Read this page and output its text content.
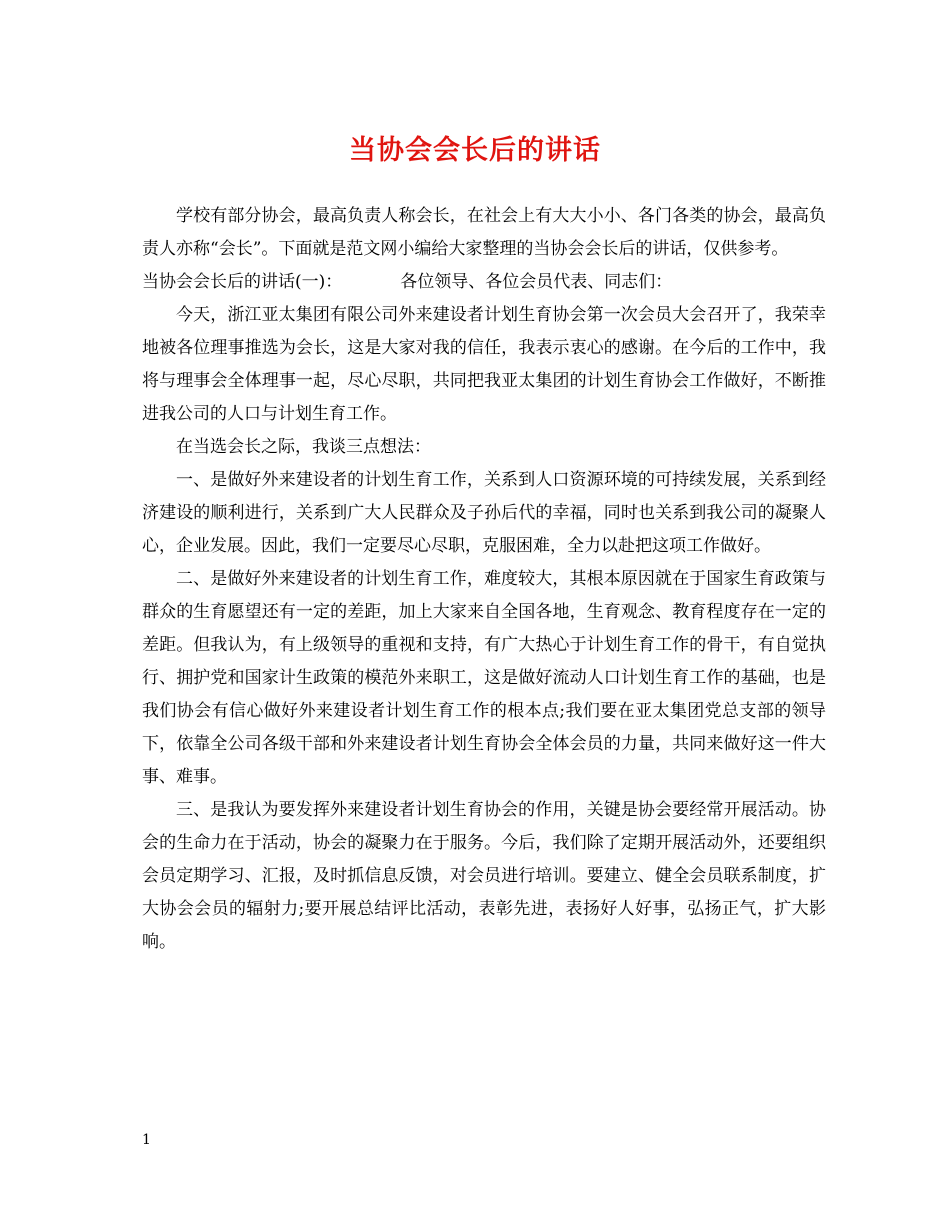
当协会会长后的讲话

学校有部分协会，最高负责人称会长，在社会上有大大小小、各门各类的协会，最高负责人亦称“会长”。下面就是范文网小编给大家整理的当协会会长后的讲话，仅供参考。

当协会会长后的讲话(一)：	各位领导、各位会员代表、同志们：

今天，浙江亚太集团有限公司外来建设者计划生育协会第一次会员大会召开了，我荣幸地被各位理事推选为会长，这是大家对我的信任，我表示衷心的感谢。在今后的工作中，我将与理事会全体理事一起，尽心尽职，共同把我亚太集团的计划生育协会工作做好，不断推进我公司的人口与计划生育工作。

在当选会长之际，我谈三点想法：

一、是做好外来建设者的计划生育工作，关系到人口资源环境的可持续发展，关系到经济建设的顺利进行，关系到广大人民群众及子孙后代的幸福，同时也关系到我公司的凝聚人心，企业发展。因此，我们一定要尽心尽职，克服困难，全力以赴把这项工作做好。

二、是做好外来建设者的计划生育工作，难度较大，其根本原因就在于国家生育政策与群众的生育愿望还有一定的差距，加上大家来自全国各地，生育观念、教育程度存在一定的差距。但我认为，有上级领导的重视和支持，有广大热心于计划生育工作的骨干，有自觉执行、拥护党和国家计生政策的模范外来职工，这是做好流动人口计划生育工作的基础，也是我们协会有信心做好外来建设者计划生育工作的根本点;我们要在亚太集团党总支部的领导下，依靠全公司各级干部和外来建设者计划生育协会全体会员的力量，共同来做好这一件大事、难事。

三、是我认为要发挥外来建设者计划生育协会的作用，关键是协会要经常开展活动。协会的生命力在于活动，协会的凝聚力在于服务。今后，我们除了定期开展活动外，还要组织会员定期学习、汇报，及时抓信息反馈，对会员进行培训。要建立、健全会员联系制度，扩大协会会员的辐射力;要开展总结评比活动，表彰先进，表扬好人好事，弘扬正气，扩大影响。

1
